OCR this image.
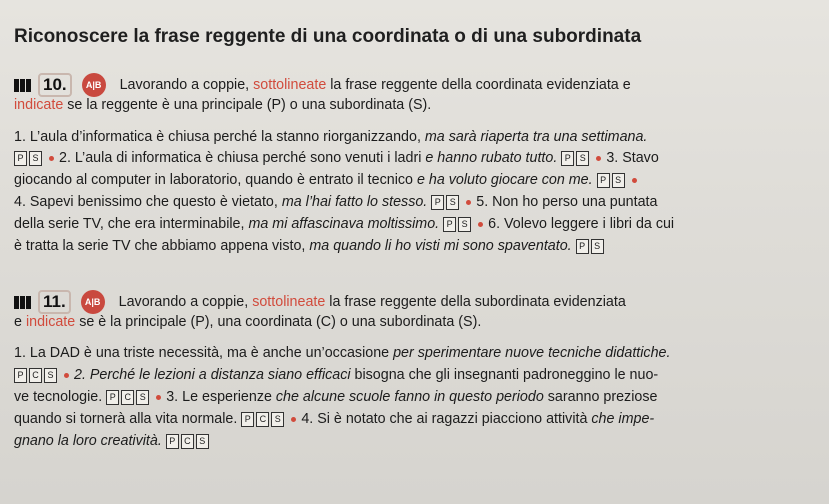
Riconoscere la frase reggente di una coordinata o di una subordinata
10. A|B Lavorando a coppie, sottolineate la frase reggente della coordinata evidenziata e
indicate se la reggente è una principale (P) o una subordinata (S).
1. L’aula d’informatica è chiusa perché la stanno riorganizzando, ma sarà riaperta tra una settimana.
P S 2. L’aula di informatica è chiusa perché sono venuti i ladri e hanno rubato tutto. P S 3. Stavo
giocando al computer in laboratorio, quando è entrato il tecnico e ha voluto giocare con me. P S
4. Sapevi benissimo che questo è vietato, ma l’hai fatto lo stesso. P S 5. Non ho perso una puntata
della serie TV, che era interminabile, ma mi affascinava moltissimo. P S 6. Volevo leggere i libri da cui
è tratta la serie TV che abbiamo appena visto, ma quando li ho visti mi sono spaventato. P S
11. A|B Lavorando a coppie, sottolineate la frase reggente della subordinata evidenziata
e indicate se è la principale (P), una coordinata (C) o una subordinata (S).
1. La DAD è una triste necessità, ma è anche un’occasione per sperimentare nuove tecniche didattiche.
P C S 2. Perché le lezioni a distanza siano efficaci bisogna che gli insegnanti padroneggino le nuo-
ve tecnologie. P C S 3. Le esperienze che alcune scuole fanno in questo periodo saranno preziose
quando si tornerà alla vita normale. P C S 4. Si è notato che ai ragazzi piacciono attività che impe-
gnano la loro creatività. P C S
